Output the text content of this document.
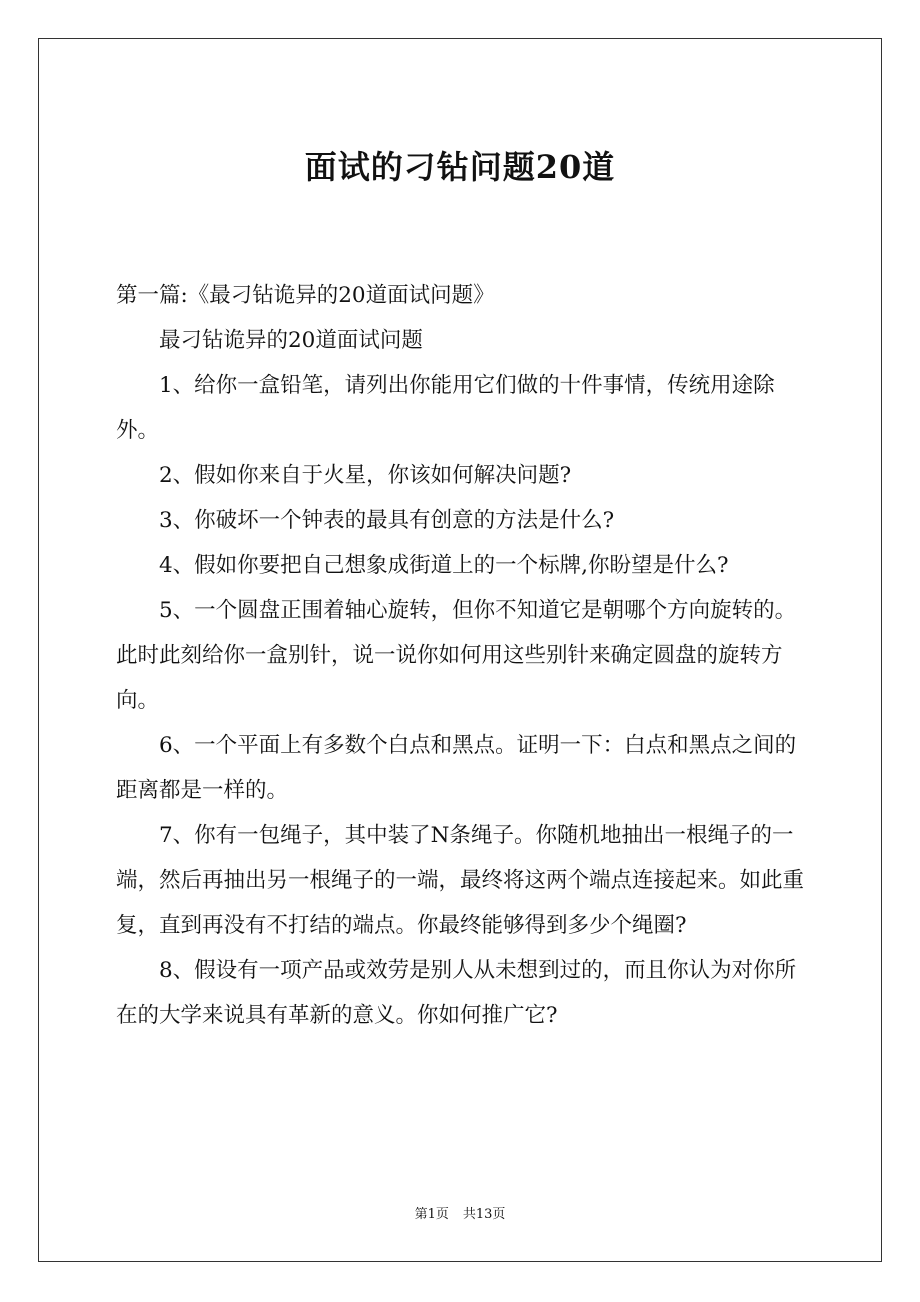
面试的刁钻问题20道

第一篇:《最刁钻诡异的20道面试问题》

最刁钻诡异的20道面试问题

1、给你一盒铅笔，请列出你能用它们做的十件事情，传统用途除外。

2、假如你来自于火星，你该如何解决问题?

3、你破坏一个钟表的最具有创意的方法是什么?

4、假如你要把自己想象成街道上的一个标牌,你盼望是什么?

5、一个圆盘正围着轴心旋转，但你不知道它是朝哪个方向旋转的。此时此刻给你一盒别针，说一说你如何用这些别针来确定圆盘的旋转方向。

6、一个平面上有多数个白点和黑点。证明一下：白点和黑点之间的距离都是一样的。

7、你有一包绳子，其中装了N条绳子。你随机地抽出一根绳子的一端，然后再抽出另一根绳子的一端，最终将这两个端点连接起来。如此重复，直到再没有不打结的端点。你最终能够得到多少个绳圈?

8、假设有一项产品或效劳是别人从未想到过的，而且你认为对你所在的大学来说具有革新的意义。你如何推广它?

第1页 共13页
